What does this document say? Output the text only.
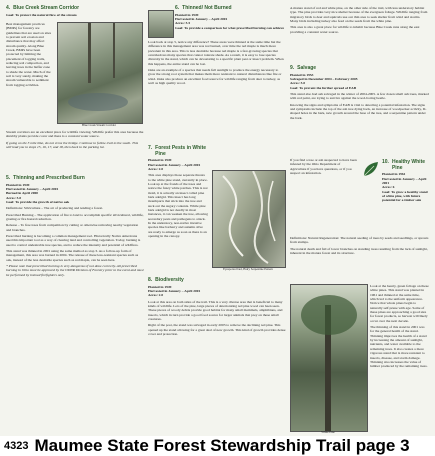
4. Blue Creek Stream Corridor

Goal: To protect the natural flow of the stream

Best management practices (BMPs) for forestry are guidelines that are used on sites to prevent soil erosion and disturbance that may affect stream quality. Along Blue Creek, BMPs have been protected by limiting the placement of logging trails, reducing soil compaction, and leaving trees in the buffer zone to shade the water. Much of the soil is very sandy, making the stream vulnerable to sediment from logging activities.

Blue Creek Stream Corridor

Stream corridors are an excellent place for wildlife viewing. Wildlife prefer this area because the shrubby plants provide cover and there is a constant water source.

If going on the 3 mile hike, do not cross the bridge. Continue to follow trail to the south. This will lead you to stops 15, 16, 17, and 18, then back to the parking lot.

5. Thinning and Prescribed Burn

Planted in 1949

Harvested in January – April 2001

Burned in April 2000

Acres: 5.0

Goal: To provide the growth of native oak

Definitions: Silviculture – The art of producing and tending a forest.

Prescribed Burning – The application of fire to land to accomplish specific silvicultural, wildlife, grazing or fire hazard reduction.

Release – To free trees from competition by cutting or otherwise removing nearby vegetation and branches.

Prescribed burning is becoming a common management tool. Historically Native Americans used this important tool as a way of clearing land and controlling vegetation. Today, burning is used to control undesirable tree species, and to reduce the intensity and potential of wildfires.

This stand was thinned in 2001 using the same method as stop 3. As a follow-up form of management, this area was burned in 2004. The release of these less-resistant species such as oak, instead of the less desirable species such as red maple, can be seen here.

* Please note that prescribed burning is very dangerous if not done correctly. All prescribed burning in Ohio must be approved by the ODNR Division of Forestry prior to the event and must be performed by trained firefighters only.

6. Thinned/ Not Burned

Planted in 1949

Harvested in January – April 2001

Acres: 5.5

Goal: To provide a comparison for what prescribed burning can achieve

Look back at stop 5, notice any difference? These areas were thinned at the same time but the difference in this management area was not burned, over time the red maple is much more prevalent in this area. This is less desirable because red maple is a fast-growing species that overshadows many species that cannot tolerate shade. As a result, it is easy to lose species diversity in the stand, which can be devastating to a specific plant pest or insect problem. When this happens, the entire stand can be lost.

Oaks are an example of a species that needs full sunlight to produce the energy necessary to grow the strong root system that makes them more resistant to natural disturbances like fire or wind. Oaks also produce an excellent food source for wildlife ranging from deer to turkey, as well as high quality wood.

7. Forest Pests in White Pine

Planted in 1949

Harvested in January – April 2001

Acres: 2.0

This area displays those separate threats to the white pine stand, currently in place. Look up at the fronds of the trees and notice the fuzzy white patches. This is not mold, it is actually an insect called pine bark adelgid. This insect has long mouthparts that stick into the tree and suck out the sugary contents. While pine bark adelgid is not deadly in most instances, it can weaken the tree, allowing secondary pests and pathogens to attack. In the understory, non-native invasive species like barberry and autumn olive are ready to emerge as soon as there is an opening in the canopy.

Eyespotted bud, Hairy Serpentine Pattern
8. Biodiversity

Planted in 1949

Harvested in January – April 2001

Acres: 2.0

Look at this area on both sides of the trail. This is a very diverse area that is beneficial to many kinds of wildlife. Lots of the pine, large pieces of deteriorating red pine wood can been seen. These pieces of woody debris provide good habitat for many small mammals, amphibians, and insects, which in turn provide a good food source for larger animals that prey on these small creatures.

Right of the post, the stand was salvaged in early 2003 to remove the declining red pine. This opened up the stand allowing for a great deal of new growth. This kind of growth provides dense cover and protection.

A mature stand of red and white pine, on the other side of the trail, with less understory habitat type. The pine provides very nice shelter because of the evergreen foliage. Wildlife ranging from migratory birds to deer and squirrels use our thin area to seek shelter from wind and storms. Many birds including turkey also feed on the seeds from the white pine.

This area is also a great place for wildlife to inhabit because Blue Creek runs along the east providing a constant water source.

9. Salvage

Planted in 1953

Salvaged in December 2004 – February 2005

Acres: 5.0

Goal: To prevent the further spread of EAB

This stand also had ash salvaged in the winter of 2004-2005. A few dozen small ash trees, marked with red paint, are trying to survive against the wood-boring beetle.

Knowing the signs and symptoms of EAB is vital to detecting a potential infestation. The signs and symptoms include the top of the ash tree dying back, an increase of woodpecker activity, D-shaped holes in the bark, new growth around the base of the tree, and a serpentine pattern under the bark.

If you find a tree or ash suspected to have been infested by the Ohio Department of Agriculture if you have questions, or if you suspect an infestation.

10. Healthy White Pine

Planted in 1961

Harvested in January – April 2001

Acres: 6

Goal: To grow a healthy stand of white pine, with future potential for a timber sale

Definitions: Natural Regeneration: The natural seeding of trees by seeds and seedlings, or sprouts from stumps.

The natural death and fall of lower branches on standing trees resulting from the lack of sunlight, inherent in the mature forest and its structure.

White Pine

Look at the hearty, green foliage on these white pines. This stand was planted in 1961 and thinned at the same time, which led to the uniform appearance. Notice that whole pines begin to naturally self prune with age. Some of these pines are approaching a good size for forest products, so harvest will likely occur over the next decade.

The thinning of this stand in 2001 was for the general health of the stand. Thinning improves the health of a stand by increasing the amount of sunlight, nutrients, and water available to the remaining trees. It also creates a more vigorous stand that is more resistant to insects, disease, and storm damage. Thinning also increases the value of lumber produced by the remaining trees.

4323 Maumee State Forest Stewardship Trail page 3
